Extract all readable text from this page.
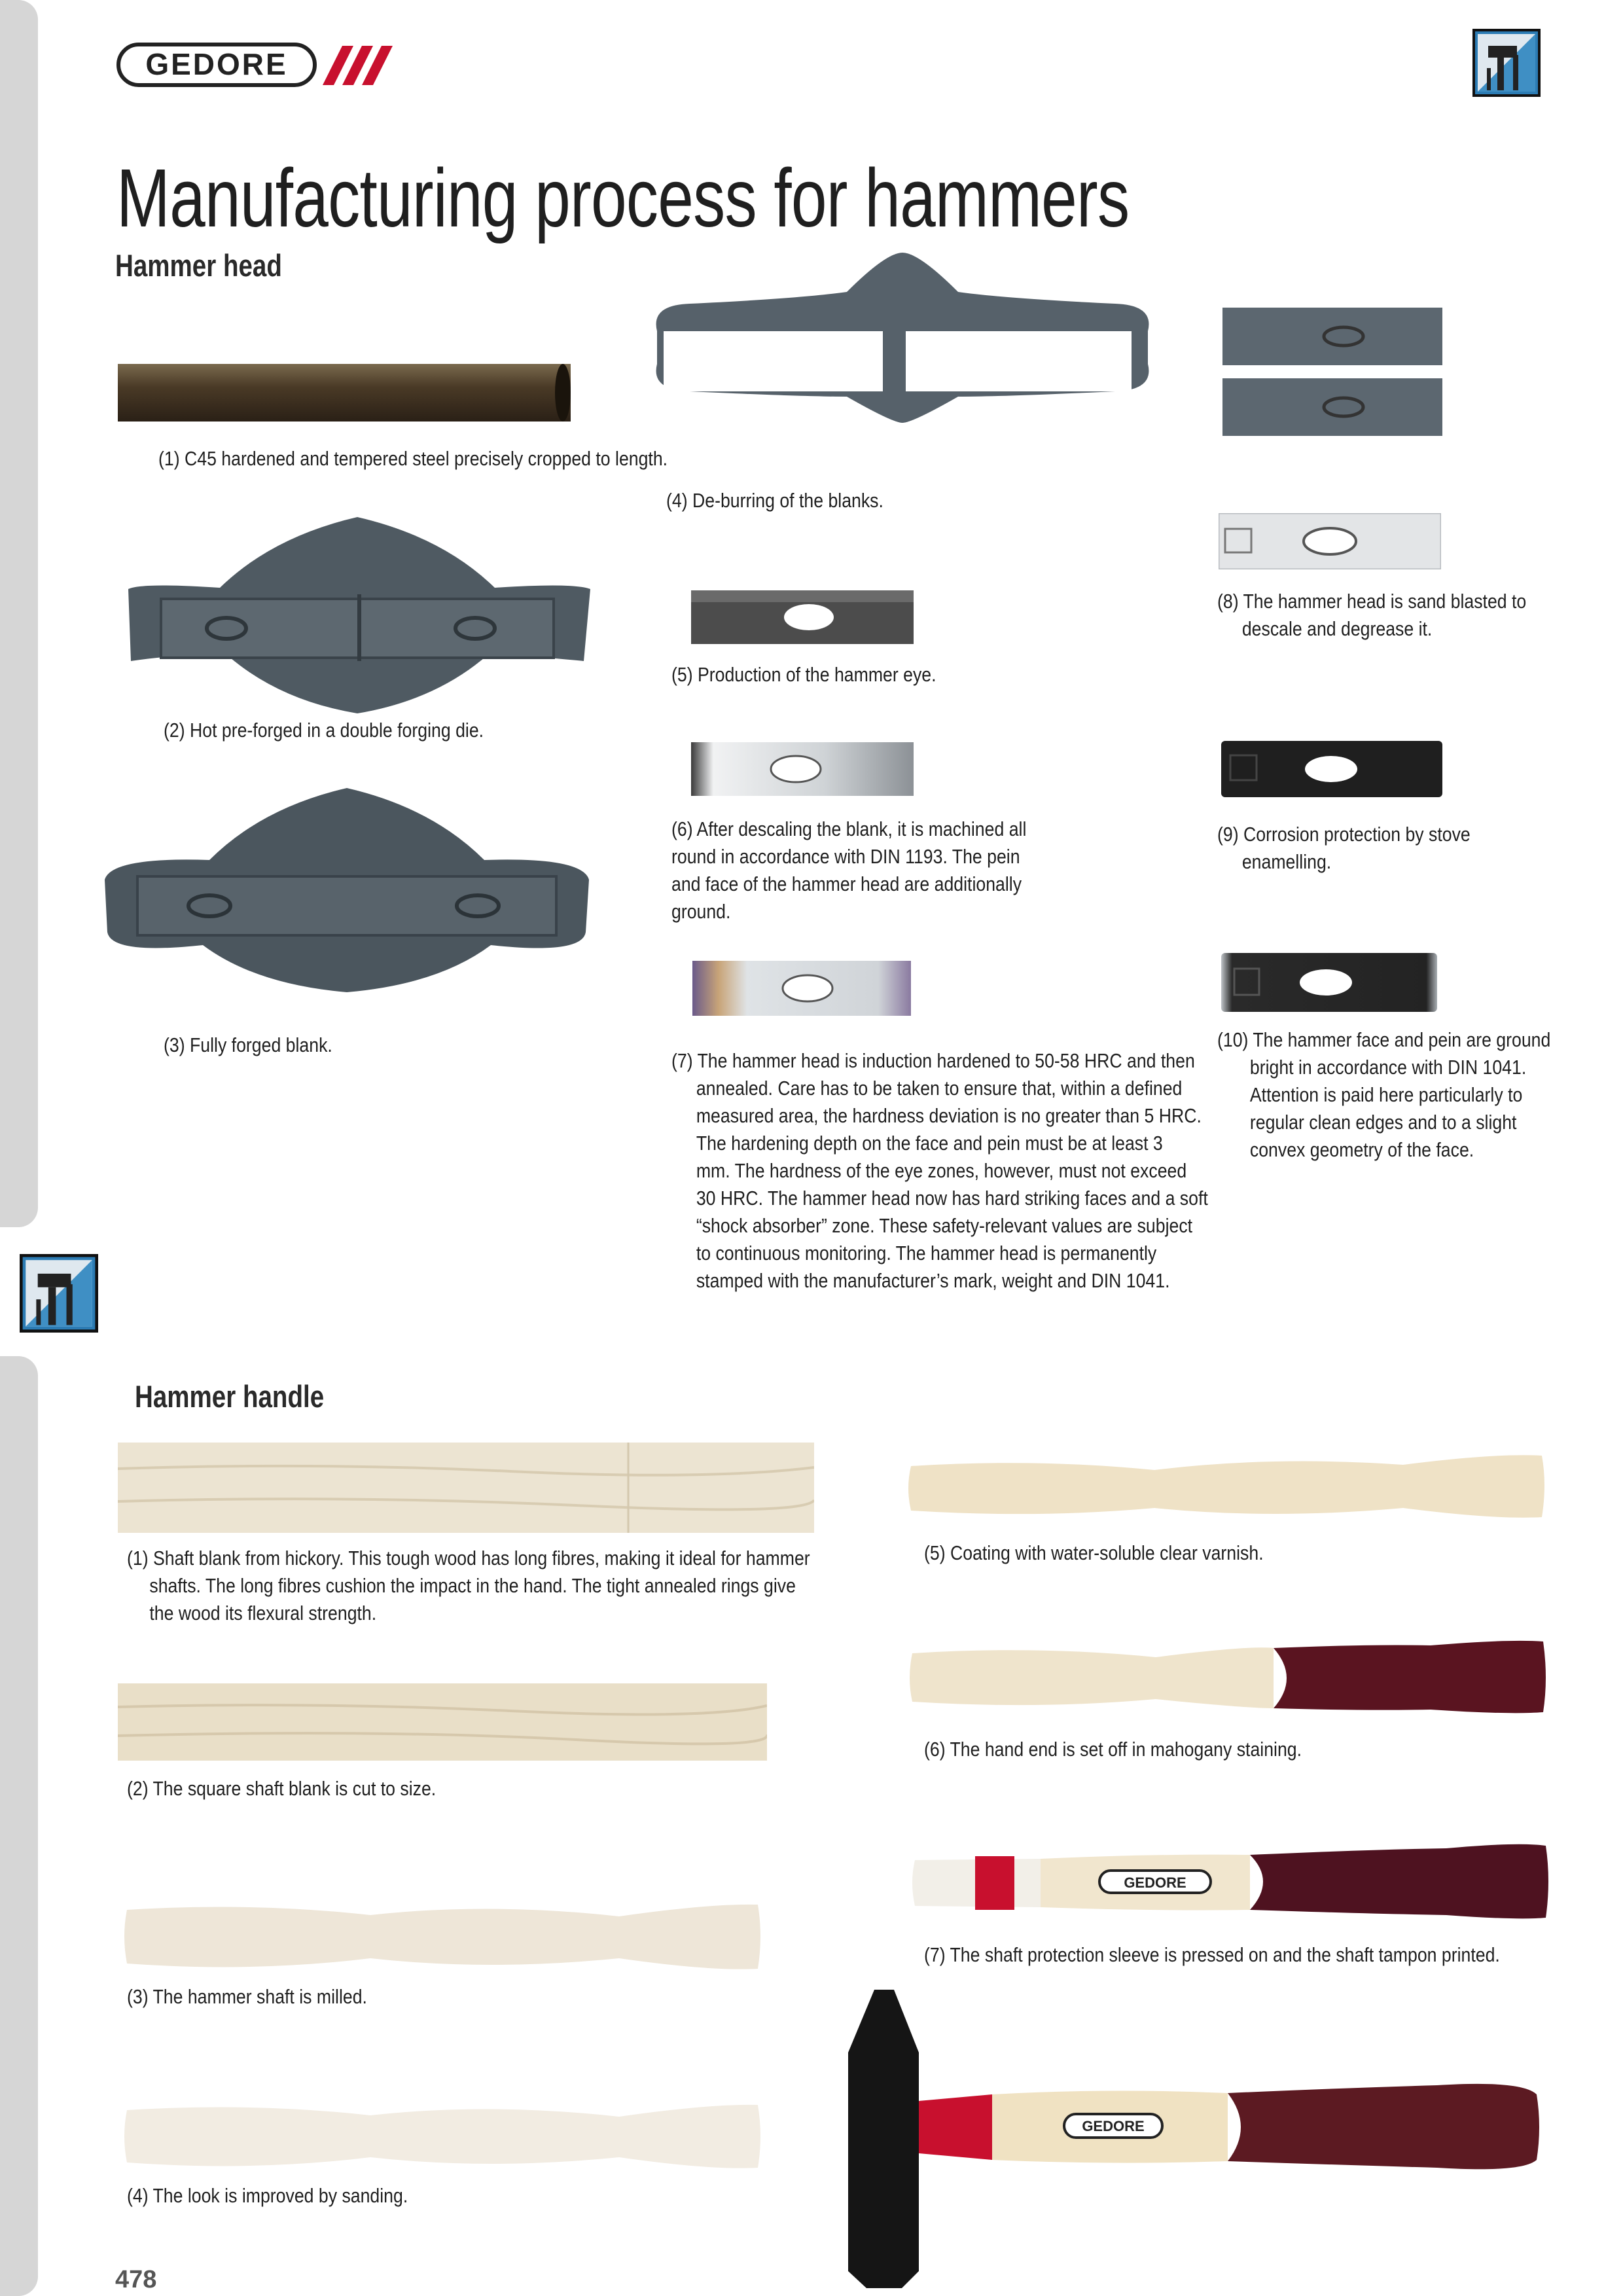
GEDORE
Manufacturing process for hammers
Hammer head
Hammer handle
(1) C45 hardened and tempered steel precisely cropped to length.
(2) Hot pre-forged in a double forging die.
(3) Fully forged blank.
(4) De-burring of the blanks.
(5) Production of the hammer eye.
(6) After descaling the blank, it is machined all
round in accordance with DIN 1193. The pein
and face of the hammer head are additionally
ground.
(7) The hammer head is induction hardened to 50-58 HRC and then
annealed. Care has to be taken to ensure that, within a defined
measured area, the hardness deviation is no greater than 5 HRC.
The hardening depth on the face and pein must be at least 3
mm. The hardness of the eye zones, however, must not exceed
30 HRC. The hammer head now has hard striking faces and a soft
“shock absorber” zone. These safety-relevant values are subject
to continuous monitoring. The hammer head is permanently
stamped with the manufacturer’s mark, weight and DIN 1041.
(8) The hammer head is sand blasted to
descale and degrease it.
(9) Corrosion protection by stove
enamelling.
(10) The hammer face and pein are ground
bright in accordance with DIN 1041.
Attention is paid here particularly to
regular clean edges and to a slight
convex geometry of the face.
GEDORE
GEDORE
(1) Shaft blank from hickory. This tough wood has long fibres, making it ideal for hammer
shafts. The long fibres cushion the impact in the hand. The tight annealed rings give
the wood its flexural strength.
(2) The square shaft blank is cut to size.
(3) The hammer shaft is milled.
(4) The look is improved by sanding.
(5) Coating with water-soluble clear varnish.
(6) The hand end is set off in mahogany staining.
(7) The shaft protection sleeve is pressed on and the shaft tampon printed.
478
